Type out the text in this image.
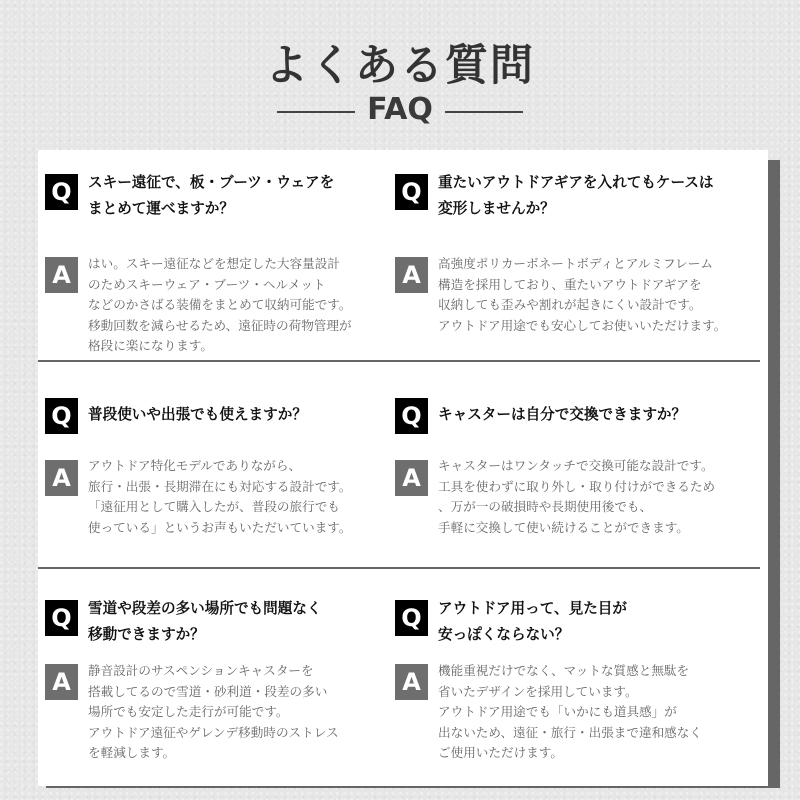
よくある質問
FAQ
Q	スキー遠征で、板・ブーツ・ウェアを
まとめて運べますか？
A	はい。スキー遠征などを想定した大容量設計
のためスキーウェア・ブーツ・ヘルメット
などのかさばる装備をまとめて収納可能です。
移動回数を減らせるため、遠征時の荷物管理が
格段に楽になります。
Q	重たいアウトドアギアを入れてもケースは
変形しませんか？
A	高強度ポリカーボネートボディとアルミフレーム
構造を採用しており、重たいアウトドアギアを
収納しても歪みや割れが起きにくい設計です。
アウトドア用途でも安心してお使いいただけます。
Q	普段使いや出張でも使えますか？
A	アウトドア特化モデルでありながら、
旅行・出張・長期滞在にも対応する設計です。
「遠征用として購入したが、普段の旅行でも
使っている」というお声もいただいています。
Q	キャスターは自分で交換できますか？
A	キャスターはワンタッチで交換可能な設計です。
工具を使わずに取り外し・取り付けができるため
、万が一の破損時や長期使用後でも、
手軽に交換して使い続けることができます。
Q	雪道や段差の多い場所でも問題なく
移動できますか？
A	静音設計のサスペンションキャスターを
搭載してるので雪道・砂利道・段差の多い
場所でも安定した走行が可能です。
アウトドア遠征やゲレンデ移動時のストレス
を軽減します。
Q	アウトドア用って、見た目が
安っぽくならない？
A	機能重視だけでなく、マットな質感と無駄を
省いたデザインを採用しています。
アウトドア用途でも「いかにも道具感」が
出ないため、遠征・旅行・出張まで違和感なく
ご使用いただけます。
